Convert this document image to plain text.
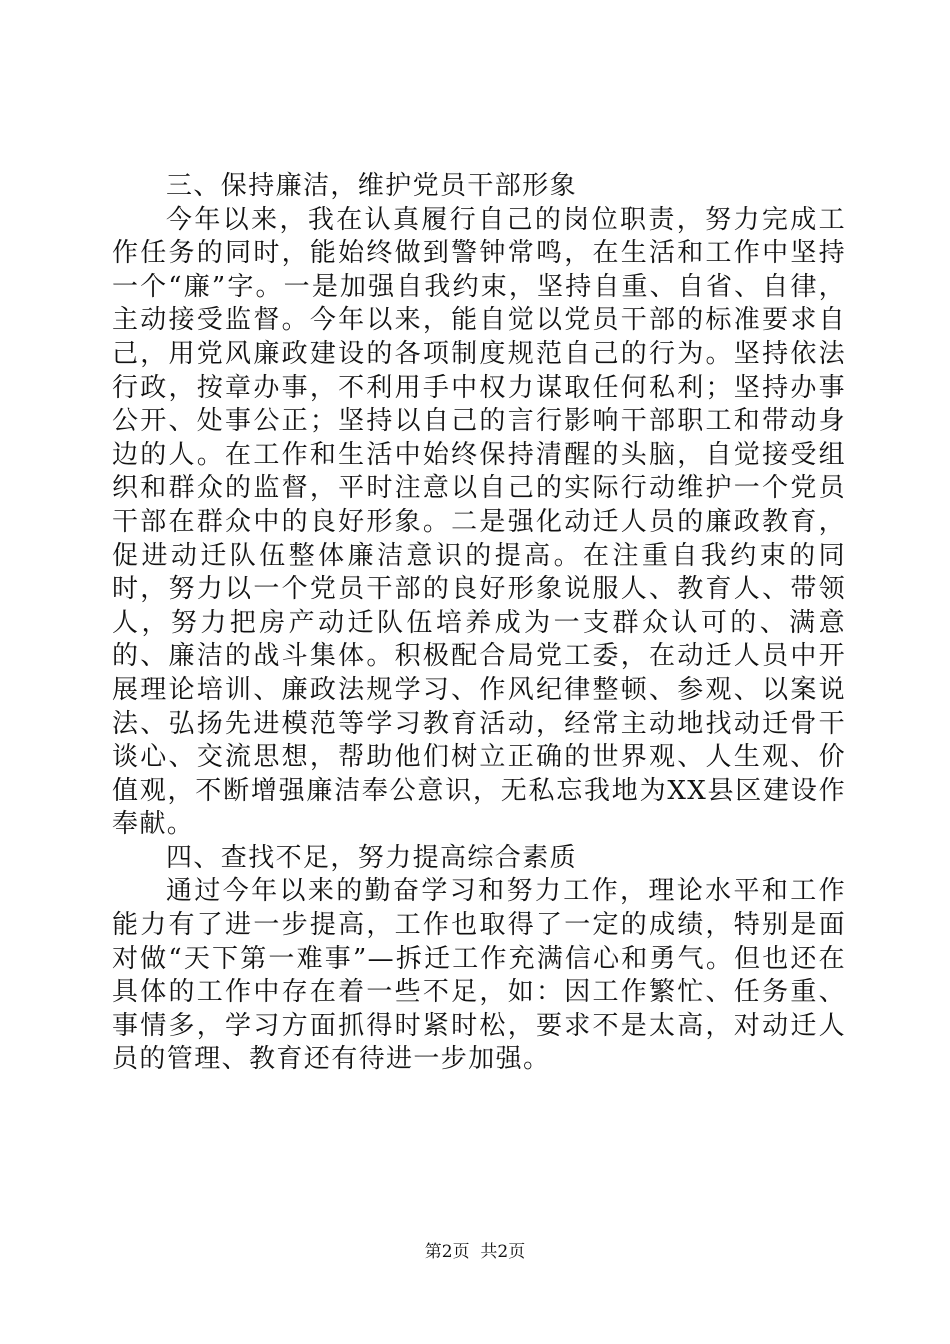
三、保持廉洁，维护党员干部形象

今年以来，我在认真履行自己的岗位职责，努力完成工作任务的同时，能始终做到警钟常鸣，在生活和工作中坚持一个“廉”字。一是加强自我约束，坚持自重、自省、自律，主动接受监督。今年以来，能自觉以党员干部的标准要求自己，用党风廉政建设的各项制度规范自己的行为。坚持依法行政，按章办事，不利用手中权力谋取任何私利；坚持办事公开、处事公正；坚持以自己的言行影响干部职工和带动身边的人。在工作和生活中始终保持清醒的头脑，自觉接受组织和群众的监督，平时注意以自己的实际行动维护一个党员干部在群众中的良好形象。二是强化动迁人员的廉政教育，促进动迁队伍整体廉洁意识的提高。在注重自我约束的同时，努力以一个党员干部的良好形象说服人、教育人、带领人，努力把房产动迁队伍培养成为一支群众认可的、满意的、廉洁的战斗集体。积极配合局党工委，在动迁人员中开展理论培训、廉政法规学习、作风纪律整顿、参观、以案说法、弘扬先进模范等学习教育活动，经常主动地找动迁骨干谈心、交流思想，帮助他们树立正确的世界观、人生观、价值观，不断增强廉洁奉公意识，无私忘我地为XX县区建设作奉献。

四、查找不足，努力提高综合素质

通过今年以来的勤奋学习和努力工作，理论水平和工作能力有了进一步提高，工作也取得了一定的成绩，特别是面对做“天下第一难事”—拆迁工作充满信心和勇气。但也还在具体的工作中存在着一些不足，如：因工作繁忙、任务重、事情多，学习方面抓得时紧时松，要求不是太高，对动迁人员的管理、教育还有待进一步加强。

第2页 共2页
